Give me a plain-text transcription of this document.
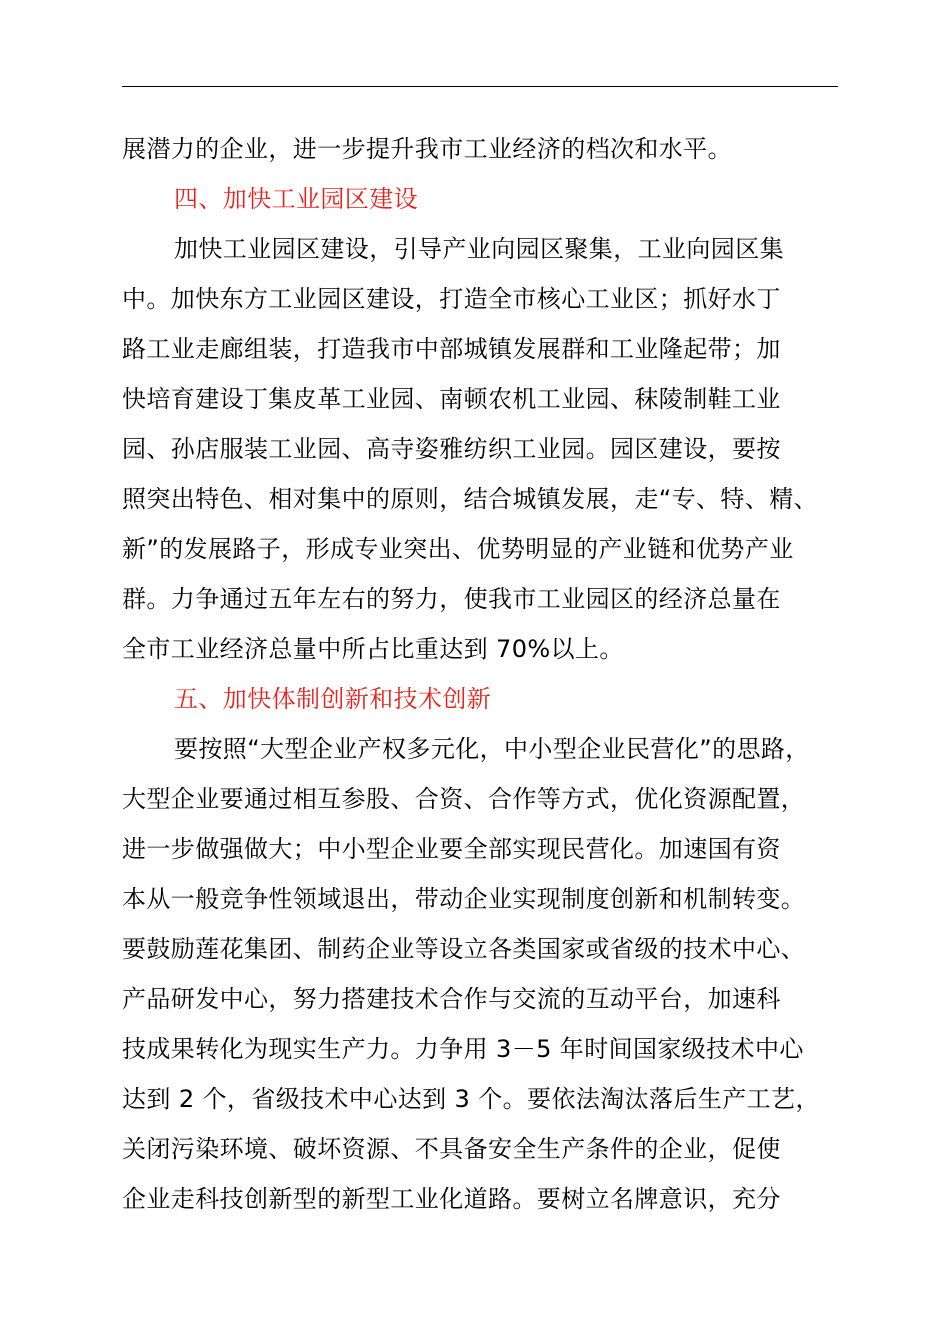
展潜力的企业，进一步提升我市工业经济的档次和水平。
四、加快工业园区建设
加快工业园区建设，引导产业向园区聚集，工业向园区集
中。加快东方工业园区建设，打造全市核心工业区；抓好水丁
路工业走廊组装，打造我市中部城镇发展群和工业隆起带；加
快培育建设丁集皮革工业园、南顿农机工业园、秣陵制鞋工业
园、孙店服装工业园、高寺姿雅纺织工业园。园区建设，要按
照突出特色、相对集中的原则，结合城镇发展，走“专、特、精、
新”的发展路子，形成专业突出、优势明显的产业链和优势产业
群。力争通过五年左右的努力，使我市工业园区的经济总量在
全市工业经济总量中所占比重达到 70%以上。
五、加快体制创新和技术创新
要按照“大型企业产权多元化，中小型企业民营化”的思路，
大型企业要通过相互参股、合资、合作等方式，优化资源配置，
进一步做强做大；中小型企业要全部实现民营化。加速国有资
本从一般竞争性领域退出，带动企业实现制度创新和机制转变。
要鼓励莲花集团、制药企业等设立各类国家或省级的技术中心、
产品研发中心，努力搭建技术合作与交流的互动平台，加速科
技成果转化为现实生产力。力争用 3－5 年时间国家级技术中心
达到 2 个，省级技术中心达到 3 个。要依法淘汰落后生产工艺，
关闭污染环境、破坏资源、不具备安全生产条件的企业，促使
企业走科技创新型的新型工业化道路。要树立名牌意识，充分
